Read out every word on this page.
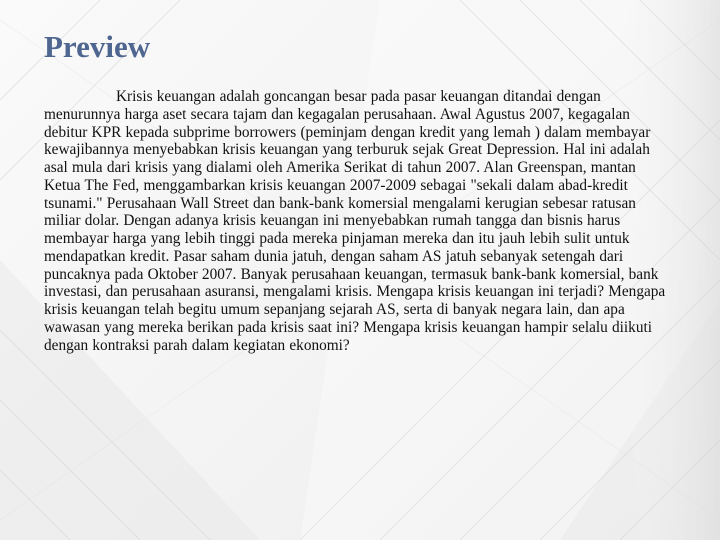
Preview

Krisis keuangan adalah goncangan besar pada pasar keuangan ditandai dengan menurunnya harga aset secara tajam dan kegagalan perusahaan. Awal Agustus 2007, kegagalan debitur KPR kepada subprime borrowers (peminjam dengan kredit yang lemah ) dalam membayar kewajibannya menyebabkan krisis keuangan yang terburuk sejak Great Depression. Hal ini adalah asal mula dari krisis yang dialami oleh Amerika Serikat di tahun 2007. Alan Greenspan, mantan Ketua The Fed, menggambarkan krisis keuangan 2007-2009 sebagai "sekali dalam abad-kredit tsunami." Perusahaan Wall Street dan bank-bank komersial mengalami kerugian sebesar ratusan miliar dolar. Dengan adanya krisis keuangan ini menyebabkan rumah tangga dan bisnis harus membayar harga yang lebih tinggi pada mereka pinjaman mereka dan itu jauh lebih sulit untuk mendapatkan kredit. Pasar saham dunia jatuh, dengan saham AS jatuh sebanyak setengah dari puncaknya pada Oktober 2007. Banyak perusahaan keuangan, termasuk bank-bank komersial, bank investasi, dan perusahaan asuransi, mengalami krisis. Mengapa krisis keuangan ini terjadi? Mengapa krisis keuangan telah begitu umum sepanjang sejarah AS, serta di banyak negara lain, dan apa wawasan yang mereka berikan pada krisis saat ini? Mengapa krisis keuangan hampir selalu diikuti dengan kontraksi parah dalam kegiatan ekonomi?
